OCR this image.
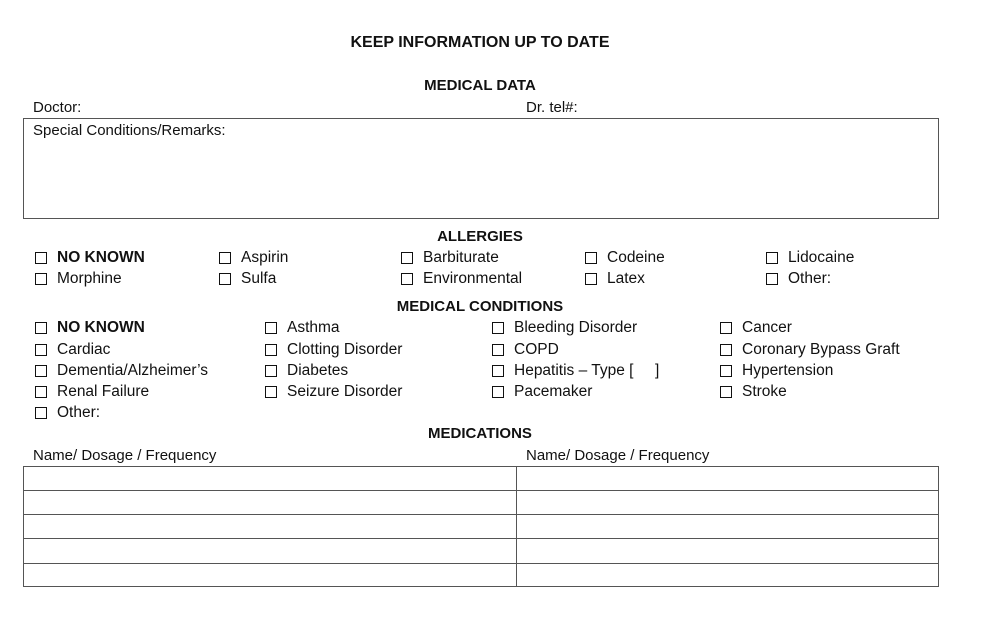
KEEP INFORMATION UP TO DATE
MEDICAL DATA
Doctor:	Dr. tel#:
Special Conditions/Remarks:
ALLERGIES
NO KNOWN	Aspirin	Barbiturate	Codeine	Lidocaine
Morphine	Sulfa	Environmental	Latex	Other:
MEDICAL CONDITIONS
NO KNOWN	Asthma	Bleeding Disorder	Cancer
Cardiac	Clotting Disorder	COPD	Coronary Bypass Graft
Dementia/Alzheimer’s	Diabetes	Hepatitis – Type [     ]	Hypertension
Renal Failure	Seizure Disorder	Pacemaker	Stroke
Other:
MEDICATIONS
Name/ Dosage / Frequency	Name/ Dosage / Frequency
